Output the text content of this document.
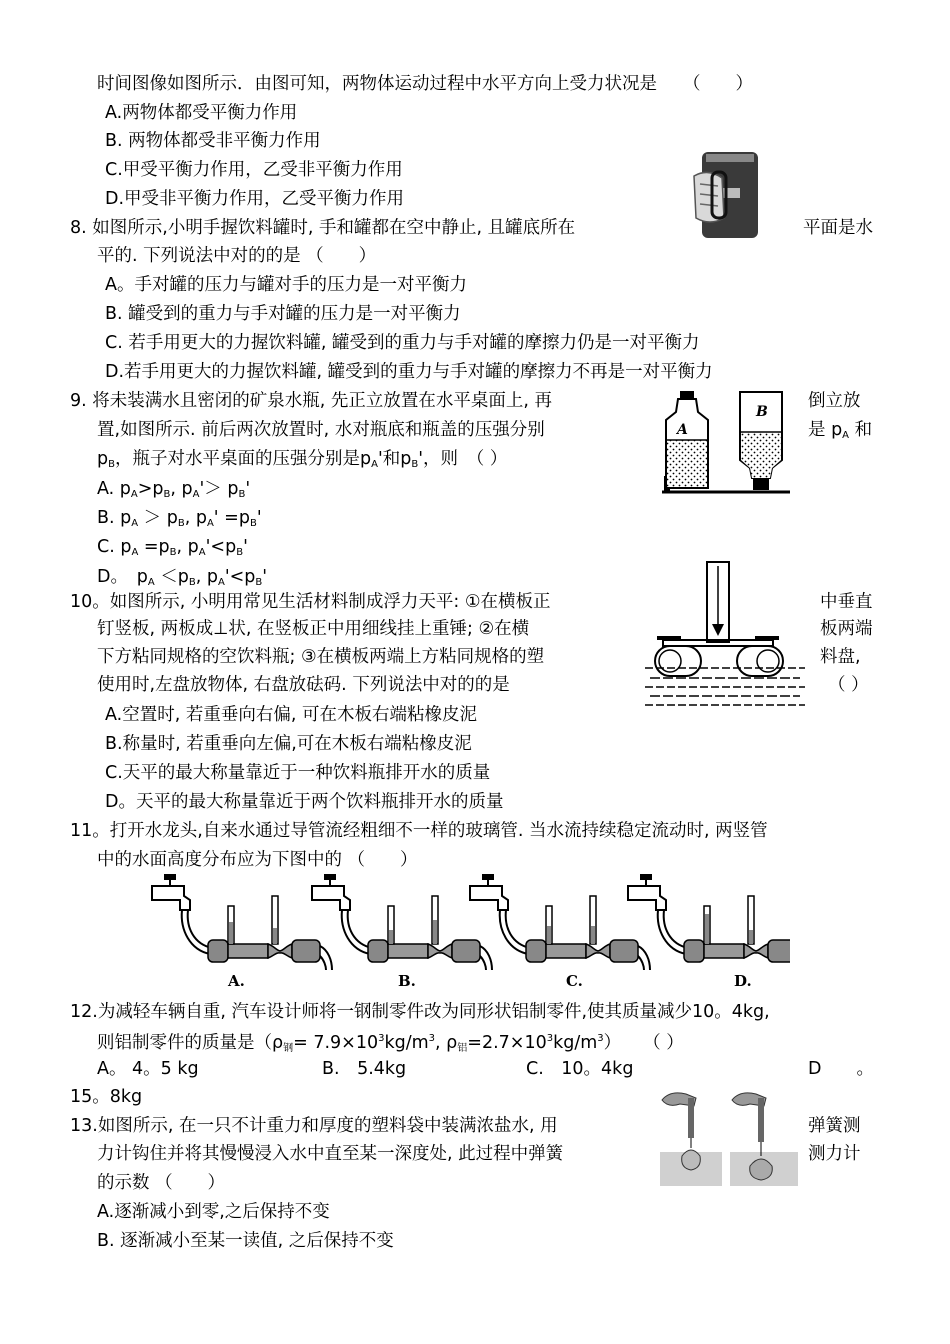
时间图像如图所示．由图可知，两物体运动过程中水平方向上受力状况是 （　　）
A.两物体都受平衡力作用
B. 两物体都受非平衡力作用
C.甲受平衡力作用，乙受非平衡力作用
D.甲受非平衡力作用，乙受平衡力作用
8. 如图所示,小明手握饮料罐时, 手和罐都在空中静止, 且罐底所在	平面是水
平的. 下列说法中对的的是 （　　）
A。手对罐的压力与罐对手的压力是一对平衡力
B. 罐受到的重力与手对罐的压力是一对平衡力
C. 若手用更大的力握饮料罐, 罐受到的重力与手对罐的摩擦力仍是一对平衡力
D.若手用更大的力握饮料罐, 罐受到的重力与手对罐的摩擦力不再是一对平衡力
9. 将未装满水且密闭的矿泉水瓶, 先正立放置在水平桌面上, 再	倒立放
置,如图所示. 前后两次放置时, 水对瓶底和瓶盖的压强分别	是 $p_A$ 和
$p_B$，瓶子对水平桌面的压强分别是$p_A'$和$p_B'$，则　（ ）
A. $p_A>p_B$, $p_A'> p_B'$
B. $p_A > p_B$, $p_A' =p_B'$
C. $p_A =p_B$, $p_A'<p_B'$
D。　$p_A <p_B$, $p_A'<p_B'$
A
B
10。如图所示, 小明用常见生活材料制成浮力天平: ①在横板正
钉竖板, 两板成⊥状, 在竖板正中用细线挂上重锤; ②在横
下方粘同规格的空饮料瓶; ③在横板两端上方粘同规格的塑
使用时,左盘放物体, 右盘放砝码. 下列说法中对的的是
中垂直
板两端
料盘,
（ ）
A.空置时, 若重垂向右偏, 可在木板右端粘橡皮泥
B.称量时, 若重垂向左偏,可在木板右端粘橡皮泥
C.天平的最大称量靠近于一种饮料瓶排开水的质量
D。天平的最大称量靠近于两个饮料瓶排开水的质量
11。打开水龙头,自来水通过导管流经粗细不一样的玻璃管. 当水流持续稳定流动时, 两竖管
中的水面高度分布应为下图中的 （　　）
A.	B.	C.	D.
12.为减轻车辆自重, 汽车设计师将一钢制零件改为同形状铝制零件,使其质量减少10。4kg,
则铝制零件的质量是（$\rho_钢= 7.9\times 10^3kg/m^3$, $\rho_铝=2.7\times 10^3kg/m^3$）　（ ）
A。 4。5 kg	B.　5.4kg	C.　10。4kg	D　　。
15。8kg
13.如图所示, 在一只不计重力和厚度的塑料袋中装满浓盐水, 用	弹簧测
力计钩住并将其慢慢浸入水中直至某一深度处, 此过程中弹簧	测力计
的示数 （　　）
A.逐渐减小到零,之后保持不变
B. 逐渐减小至某一读值, 之后保持不变
